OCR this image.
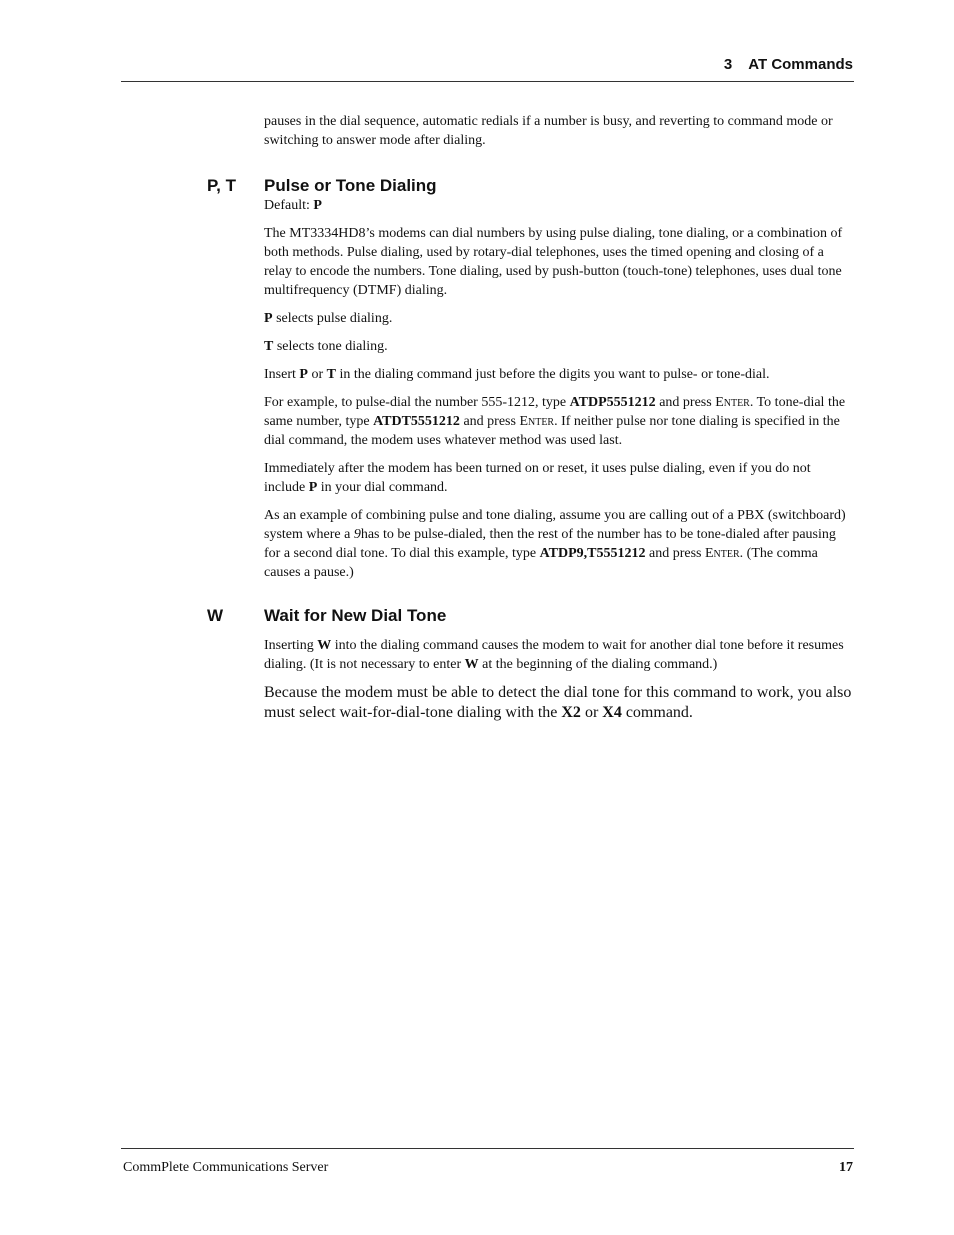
3 AT Commands

pauses in the dial sequence, automatic redials if a number is busy, and reverting to command mode or switching to answer mode after dialing.

P, T Pulse or Tone Dialing

Default: P

The MT3334HD8’s modems can dial numbers by using pulse dialing, tone dialing, or a combination of both methods. Pulse dialing, used by rotary-dial telephones, uses the timed opening and closing of a relay to encode the numbers. Tone dialing, used by push-button (touch-tone) telephones, uses dual tone multifrequency (DTMF) dialing.

P selects pulse dialing.

T selects tone dialing.

Insert P or T in the dialing command just before the digits you want to pulse- or tone-dial.

For example, to pulse-dial the number 555-1212, type ATDP5551212 and press Enter. To tone-dial the same number, type ATDT5551212 and press Enter. If neither pulse nor tone dialing is specified in the dial command, the modem uses whatever method was used last.

Immediately after the modem has been turned on or reset, it uses pulse dialing, even if you do not include P in your dial command.

As an example of combining pulse and tone dialing, assume you are calling out of a PBX (switchboard) system where a 9has to be pulse-dialed, then the rest of the number has to be tone-dialed after pausing for a second dial tone. To dial this example, type ATDP9,T5551212 and press Enter. (The comma causes a pause.)

W Wait for New Dial Tone

Inserting W into the dialing command causes the modem to wait for another dial tone before it resumes dialing. (It is not necessary to enter W at the beginning of the dialing command.)

Because the modem must be able to detect the dial tone for this command to work, you also must select wait-for-dial-tone dialing with the X2 or X4 command.

CommPlete Communications Server	17
